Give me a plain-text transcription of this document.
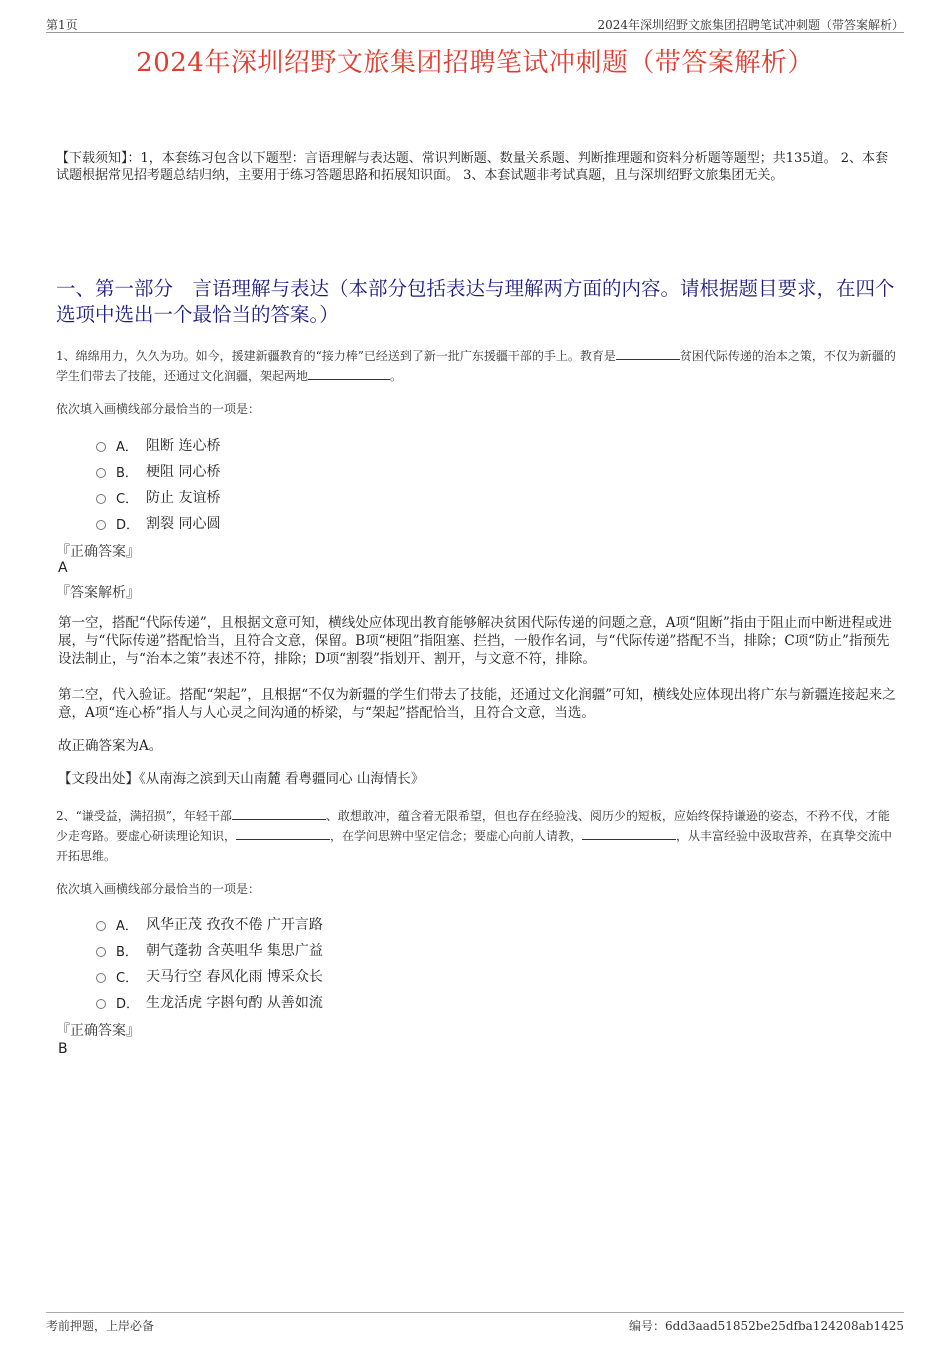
第1页	2024年深圳绍野文旅集团招聘笔试冲刺题（带答案解析）
2024年深圳绍野文旅集团招聘笔试冲刺题（带答案解析）
【下载须知】：1，本套练习包含以下题型：言语理解与表达题、常识判断题、数量关系题、判断推理题和资料分析题等题型；共135道。 2、本套试题根据常见招考题总结归纳，主要用于练习答题思路和拓展知识面。 3、本套试题非考试真题，且与深圳绍野文旅集团无关。
一、第一部分　言语理解与表达（本部分包括表达与理解两方面的内容。请根据题目要求，在四个选项中选出一个最恰当的答案。）
1、绵绵用力，久久为功。如今，援建新疆教育的“接力棒”已经送到了新一批广东援疆干部的手上。教育是	贫困代际传递的治本之策，不仅为新疆的学生们带去了技能，还通过文化润疆，架起两地	。
依次填入画横线部分最恰当的一项是：
A． 阻断 连心桥
B． 梗阻 同心桥
C． 防止 友谊桥
D． 割裂 同心圆
『正确答案』
A
『答案解析』
第一空，搭配“代际传递”，且根据文意可知，横线处应体现出教育能够解决贫困代际传递的问题之意，A项“阻断”指由于阻止而中断进程或进展，与“代际传递”搭配恰当，且符合文意，保留。B项“梗阻”指阻塞、拦挡，一般作名词，与“代际传递”搭配不当，排除；C项“防止”指预先设法制止，与“治本之策”表述不符，排除；D项“割裂”指划开、割开，与文意不符，排除。
第二空，代入验证。搭配“架起”，且根据“不仅为新疆的学生们带去了技能，还通过文化润疆”可知，横线处应体现出将广东与新疆连接起来之意，A项“连心桥”指人与人心灵之间沟通的桥梁，与“架起”搭配恰当，且符合文意，当选。
故正确答案为A。
【文段出处】《从南海之滨到天山南麓 看粤疆同心 山海情长》
2、“谦受益，满招损”，年轻干部	、敢想敢冲，蕴含着无限希望，但也存在经验浅、阅历少的短板，应始终保持谦逊的姿态，不矜不伐，才能少走弯路。要虚心研读理论知识，	，在学问思辨中坚定信念；要虚心向前人请教，	，从丰富经验中汲取营养，在真挚交流中开拓思维。
依次填入画横线部分最恰当的一项是：
A． 风华正茂 孜孜不倦 广开言路
B． 朝气蓬勃 含英咀华 集思广益
C． 天马行空 春风化雨 博采众长
D． 生龙活虎 字斟句酌 从善如流
『正确答案』
B
考前押题，上岸必备	编号：6dd3aad51852be25dfba124208ab1425
